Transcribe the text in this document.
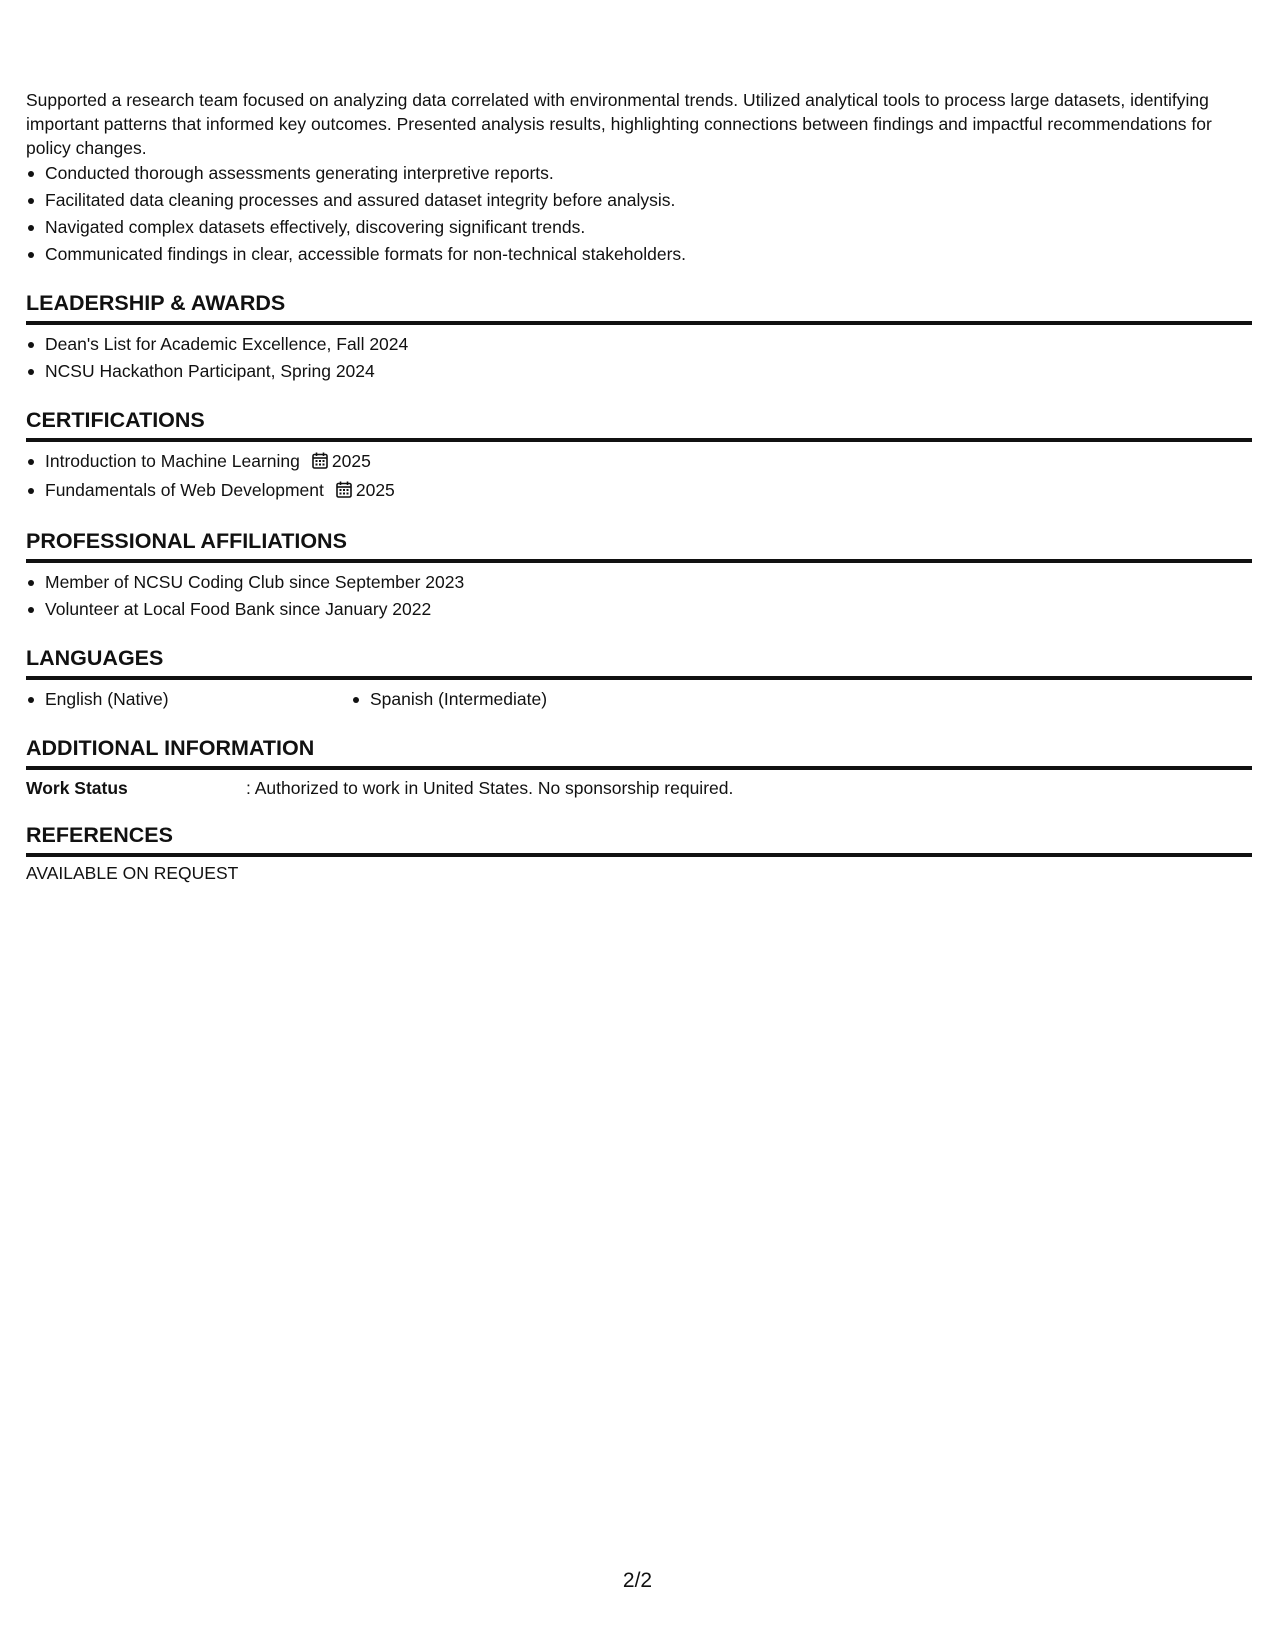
Supported a research team focused on analyzing data correlated with environmental trends. Utilized analytical tools to process large datasets, identifying important patterns that informed key outcomes. Presented analysis results, highlighting connections between findings and impactful recommendations for policy changes.

Conducted thorough assessments generating interpretive reports.
Facilitated data cleaning processes and assured dataset integrity before analysis.
Navigated complex datasets effectively, discovering significant trends.
Communicated findings in clear, accessible formats for non-technical stakeholders.
LEADERSHIP & AWARDS
Dean's List for Academic Excellence, Fall 2024
NCSU Hackathon Participant, Spring 2024
CERTIFICATIONS
Introduction to Machine Learning 2025
Fundamentals of Web Development 2025
PROFESSIONAL AFFILIATIONS
Member of NCSU Coding Club since September 2023
Volunteer at Local Food Bank since January 2022
LANGUAGES
English (Native)	Spanish (Intermediate)
ADDITIONAL INFORMATION
Work Status	: Authorized to work in United States. No sponsorship required.
REFERENCES
AVAILABLE ON REQUEST
2/2
